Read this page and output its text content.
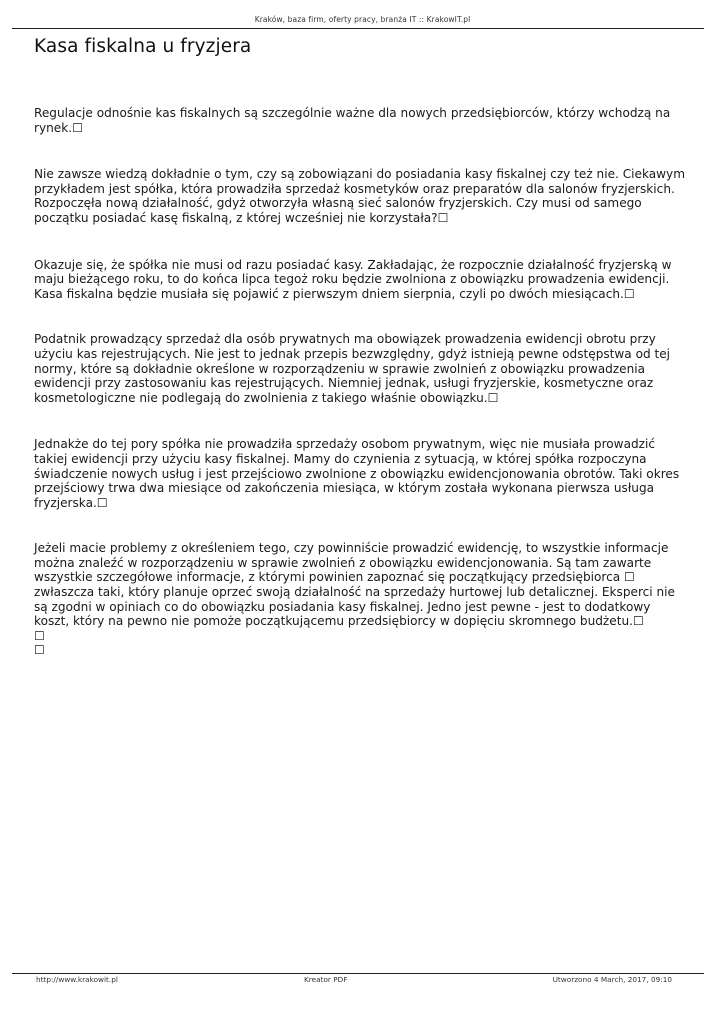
Kraków, baza firm, oferty pracy, branża IT :: KrakowIT.pl
Kasa fiskalna u fryzjera

Regulacje odnośnie kas fiskalnych są szczególnie ważne dla nowych przedsiębiorców, którzy wchodzą na rynek.☐

Nie zawsze wiedzą dokładnie o tym, czy są zobowiązani do posiadania kasy fiskalnej czy też nie. Ciekawym przykładem jest spółka, która prowadziła sprzedaż kosmetyków oraz preparatów dla salonów fryzjerskich. Rozpoczęła nową działalność, gdyż otworzyła własną sieć salonów fryzjerskich. Czy musi od samego początku posiadać kasę fiskalną, z której wcześniej nie korzystała?☐

Okazuje się, że spółka nie musi od razu posiadać kasy. Zakładając, że rozpocznie działalność fryzjerską w maju bieżącego roku, to do końca lipca tegoż roku będzie zwolniona z obowiązku prowadzenia ewidencji. Kasa fiskalna będzie musiała się pojawić z pierwszym dniem sierpnia, czyli po dwóch miesiącach.☐

Podatnik prowadzący sprzedaż dla osób prywatnych ma obowiązek prowadzenia ewidencji obrotu przy użyciu kas rejestrujących. Nie jest to jednak przepis bezwzględny, gdyż istnieją pewne odstępstwa od tej normy, które są dokładnie określone w rozporządzeniu w sprawie zwolnień z obowiązku prowadzenia ewidencji przy zastosowaniu kas rejestrujących. Niemniej jednak, usługi fryzjerskie, kosmetyczne oraz kosmetologiczne nie podlegają do zwolnienia z takiego właśnie obowiązku.☐

Jednakże do tej pory spółka nie prowadziła sprzedaży osobom prywatnym, więc nie musiała prowadzić takiej ewidencji przy użyciu kasy fiskalnej. Mamy do czynienia z sytuacją, w której spółka rozpoczyna świadczenie nowych usług i jest przejściowo zwolnione z obowiązku ewidencjonowania obrotów. Taki okres przejściowy trwa dwa miesiące od zakończenia miesiąca, w którym została wykonana pierwsza usługa fryzjerska.☐

Jeżeli macie problemy z określeniem tego, czy powinniście prowadzić ewidencję, to wszystkie informacje można znaleźć w rozporządzeniu w sprawie zwolnień z obowiązku ewidencjonowania. Są tam zawarte wszystkie szczegółowe informacje, z którymi powinien zapoznać się początkujący przedsiębiorca ☐ zwłaszcza taki, który planuje oprzeć swoją działalność na sprzedaży hurtowej lub detalicznej. Eksperci nie są zgodni w opiniach co do obowiązku posiadania kasy fiskalnej. Jedno jest pewne - jest to dodatkowy koszt, który na pewno nie pomoże początkującemu przedsiębiorcy w dopięciu skromnego budżetu.☐

☐

☐

http://www.krakowit.pl	Kreator PDF	Utworzono 4 March, 2017, 09:10
